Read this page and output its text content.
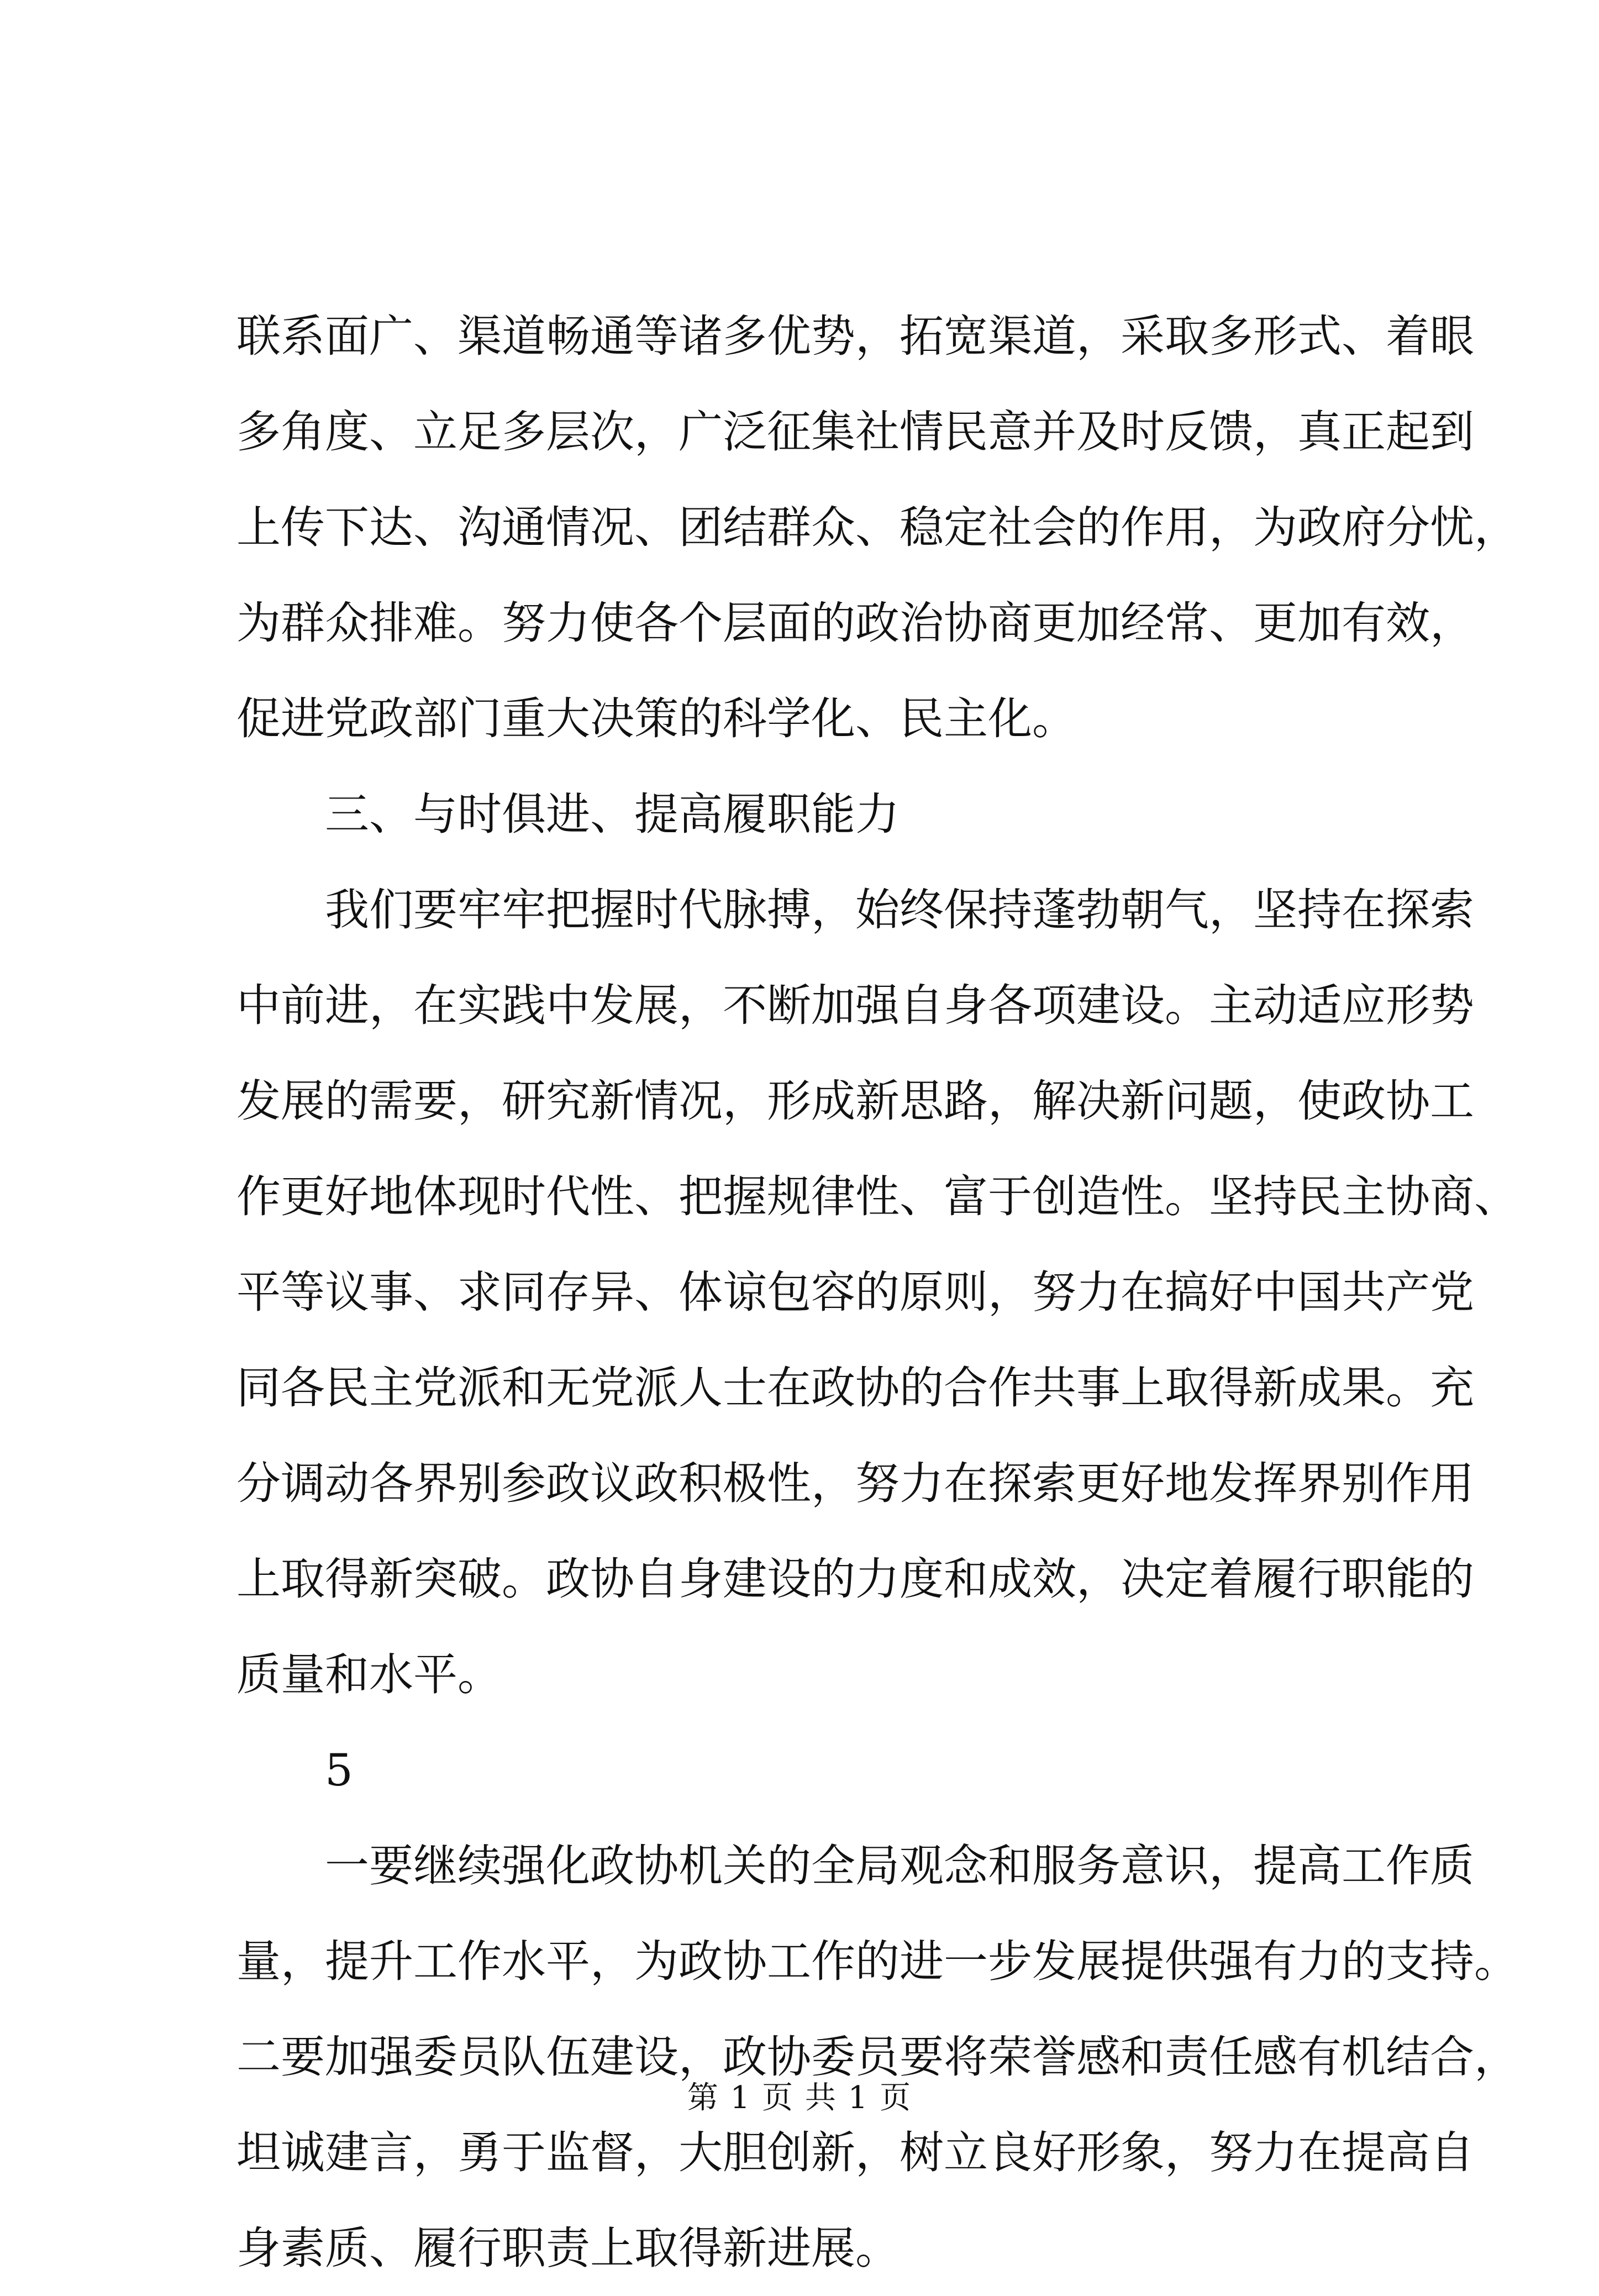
联系面广、渠道畅通等诸多优势，拓宽渠道，采取多形式、着眼
多角度、立足多层次，广泛征集社情民意并及时反馈，真正起到
上传下达、沟通情况、团结群众、稳定社会的作用，为政府分忧，
为群众排难。努力使各个层面的政治协商更加经常、更加有效，
促进党政部门重大决策的科学化、民主化。
三、与时俱进、提高履职能力
我们要牢牢把握时代脉搏，始终保持蓬勃朝气，坚持在探索
中前进，在实践中发展，不断加强自身各项建设。主动适应形势
发展的需要，研究新情况，形成新思路，解决新问题，使政协工
作更好地体现时代性、把握规律性、富于创造性。坚持民主协商、
平等议事、求同存异、体谅包容的原则，努力在搞好中国共产党
同各民主党派和无党派人士在政协的合作共事上取得新成果。充
分调动各界别参政议政积极性，努力在探索更好地发挥界别作用
上取得新突破。政协自身建设的力度和成效，决定着履行职能的
质量和水平。
5
一要继续强化政协机关的全局观念和服务意识，提高工作质
量，提升工作水平，为政协工作的进一步发展提供强有力的支持。
二要加强委员队伍建设，政协委员要将荣誉感和责任感有机结合，
坦诚建言，勇于监督，大胆创新，树立良好形象，努力在提高自
身素质、履行职责上取得新进展。
第 1 页 共 1 页
